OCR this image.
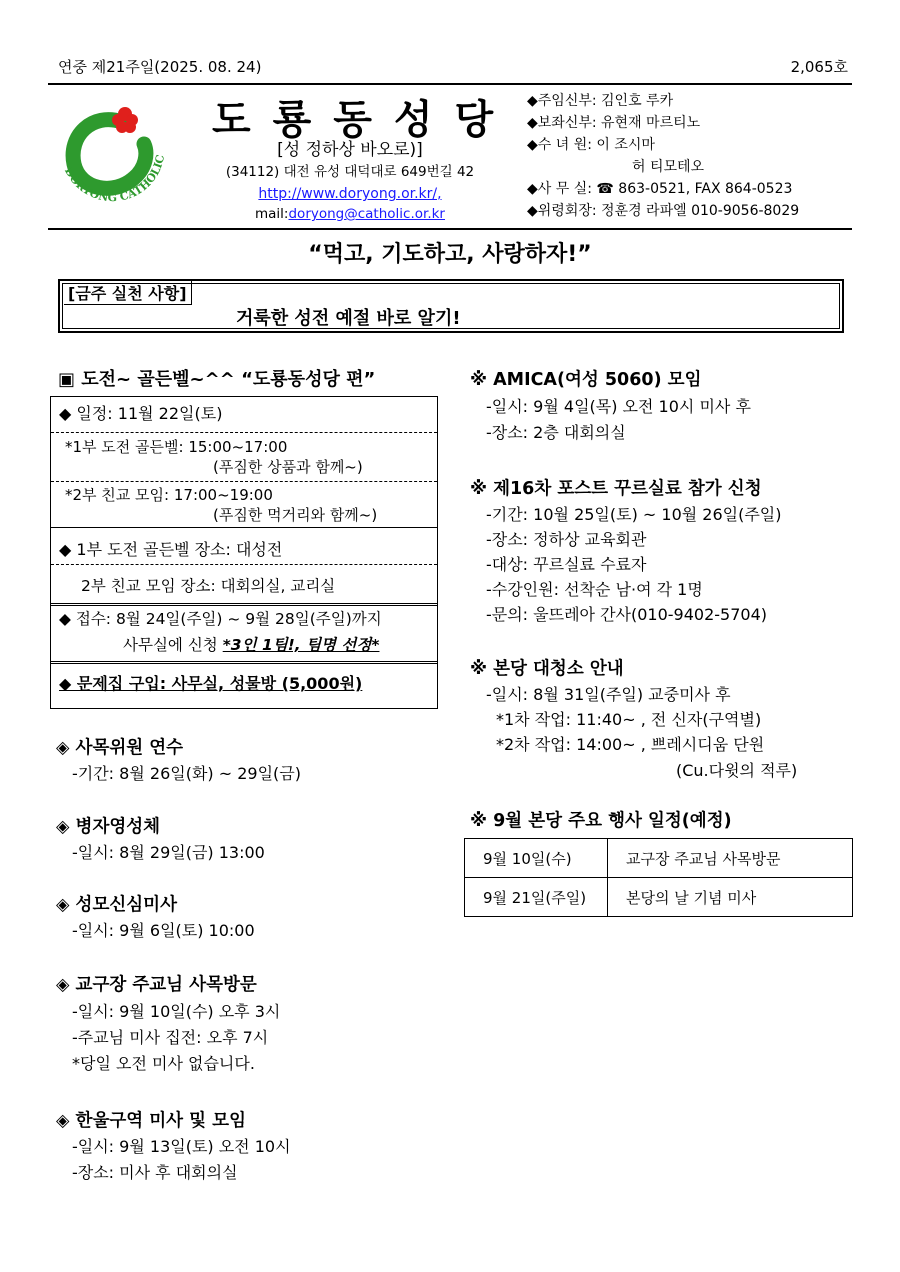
연중 제21주일(2025. 08. 24)	2,065호
DORYONG CATHOLIC
도룡동성당
[성 정하상 바오로)]
(34112) 대전 유성 대덕대로 649번길 42
http://www.doryong.or.kr/,
mail:doryong@catholic.or.kr
◆주임신부: 김인호 루카
◆보좌신부: 유현재 마르티노
◆수 녀 원: 이 조시마
허 티모테오
◆사 무 실: ☎ 863-0521, FAX 864-0523
◆위령회장: 정훈경 라파엘 010-9056-8029
“먹고, 기도하고, 사랑하자!”
[금주 실천 사항]
거룩한 성전 예절 바로 알기!
▣ 도전~ 골든벨~^^ “도룡동성당 편”
◆ 일정: 11월 22일(토)
*1부 도전 골든벨: 15:00~17:00
(푸짐한 상품과 함께~)
*2부 친교 모임: 17:00~19:00
(푸짐한 먹거리와 함께~)
◆ 1부 도전 골든벨 장소: 대성전
2부 친교 모임 장소: 대회의실, 교리실
◆ 접수: 8월 24일(주일) ~ 9월 28일(주일)까지
사무실에 신청 *3인 1팀!, 팀명 선정*
◆ 문제집 구입: 사무실, 성물방 (5,000원)
◈ 사목위원 연수
-기간: 8월 26일(화) ~ 29일(금)
◈ 병자영성체
-일시: 8월 29일(금) 13:00
◈ 성모신심미사
-일시: 9월 6일(토) 10:00
◈ 교구장 주교님 사목방문
-일시: 9월 10일(수) 오후 3시
-주교님 미사 집전: 오후 7시
*당일 오전 미사 없습니다.
◈ 한울구역 미사 및 모임
-일시: 9월 13일(토) 오전 10시
-장소: 미사 후 대회의실
※ AMICA(여성 5060) 모임
-일시: 9월 4일(목) 오전 10시 미사 후
-장소: 2층 대회의실
※ 제16차 포스트 꾸르실료 참가 신청
-기간: 10월 25일(토) ~ 10월 26일(주일)
-장소: 정하상 교육회관
-대상: 꾸르실료 수료자
-수강인원: 선착순 남·여 각 1명
-문의: 울뜨레아 간사(010-9402-5704)
※ 본당 대청소 안내
-일시: 8월 31일(주일) 교중미사 후
*1차 작업: 11:40~ , 전 신자(구역별)
*2차 작업: 14:00~ , 쁘레시디움 단원
(Cu.다윗의 적루)
※ 9월 본당 주요 행사 일정(예정)
9월 10일(수)	교구장 주교님 사목방문
9월 21일(주일)	본당의 날 기념 미사
